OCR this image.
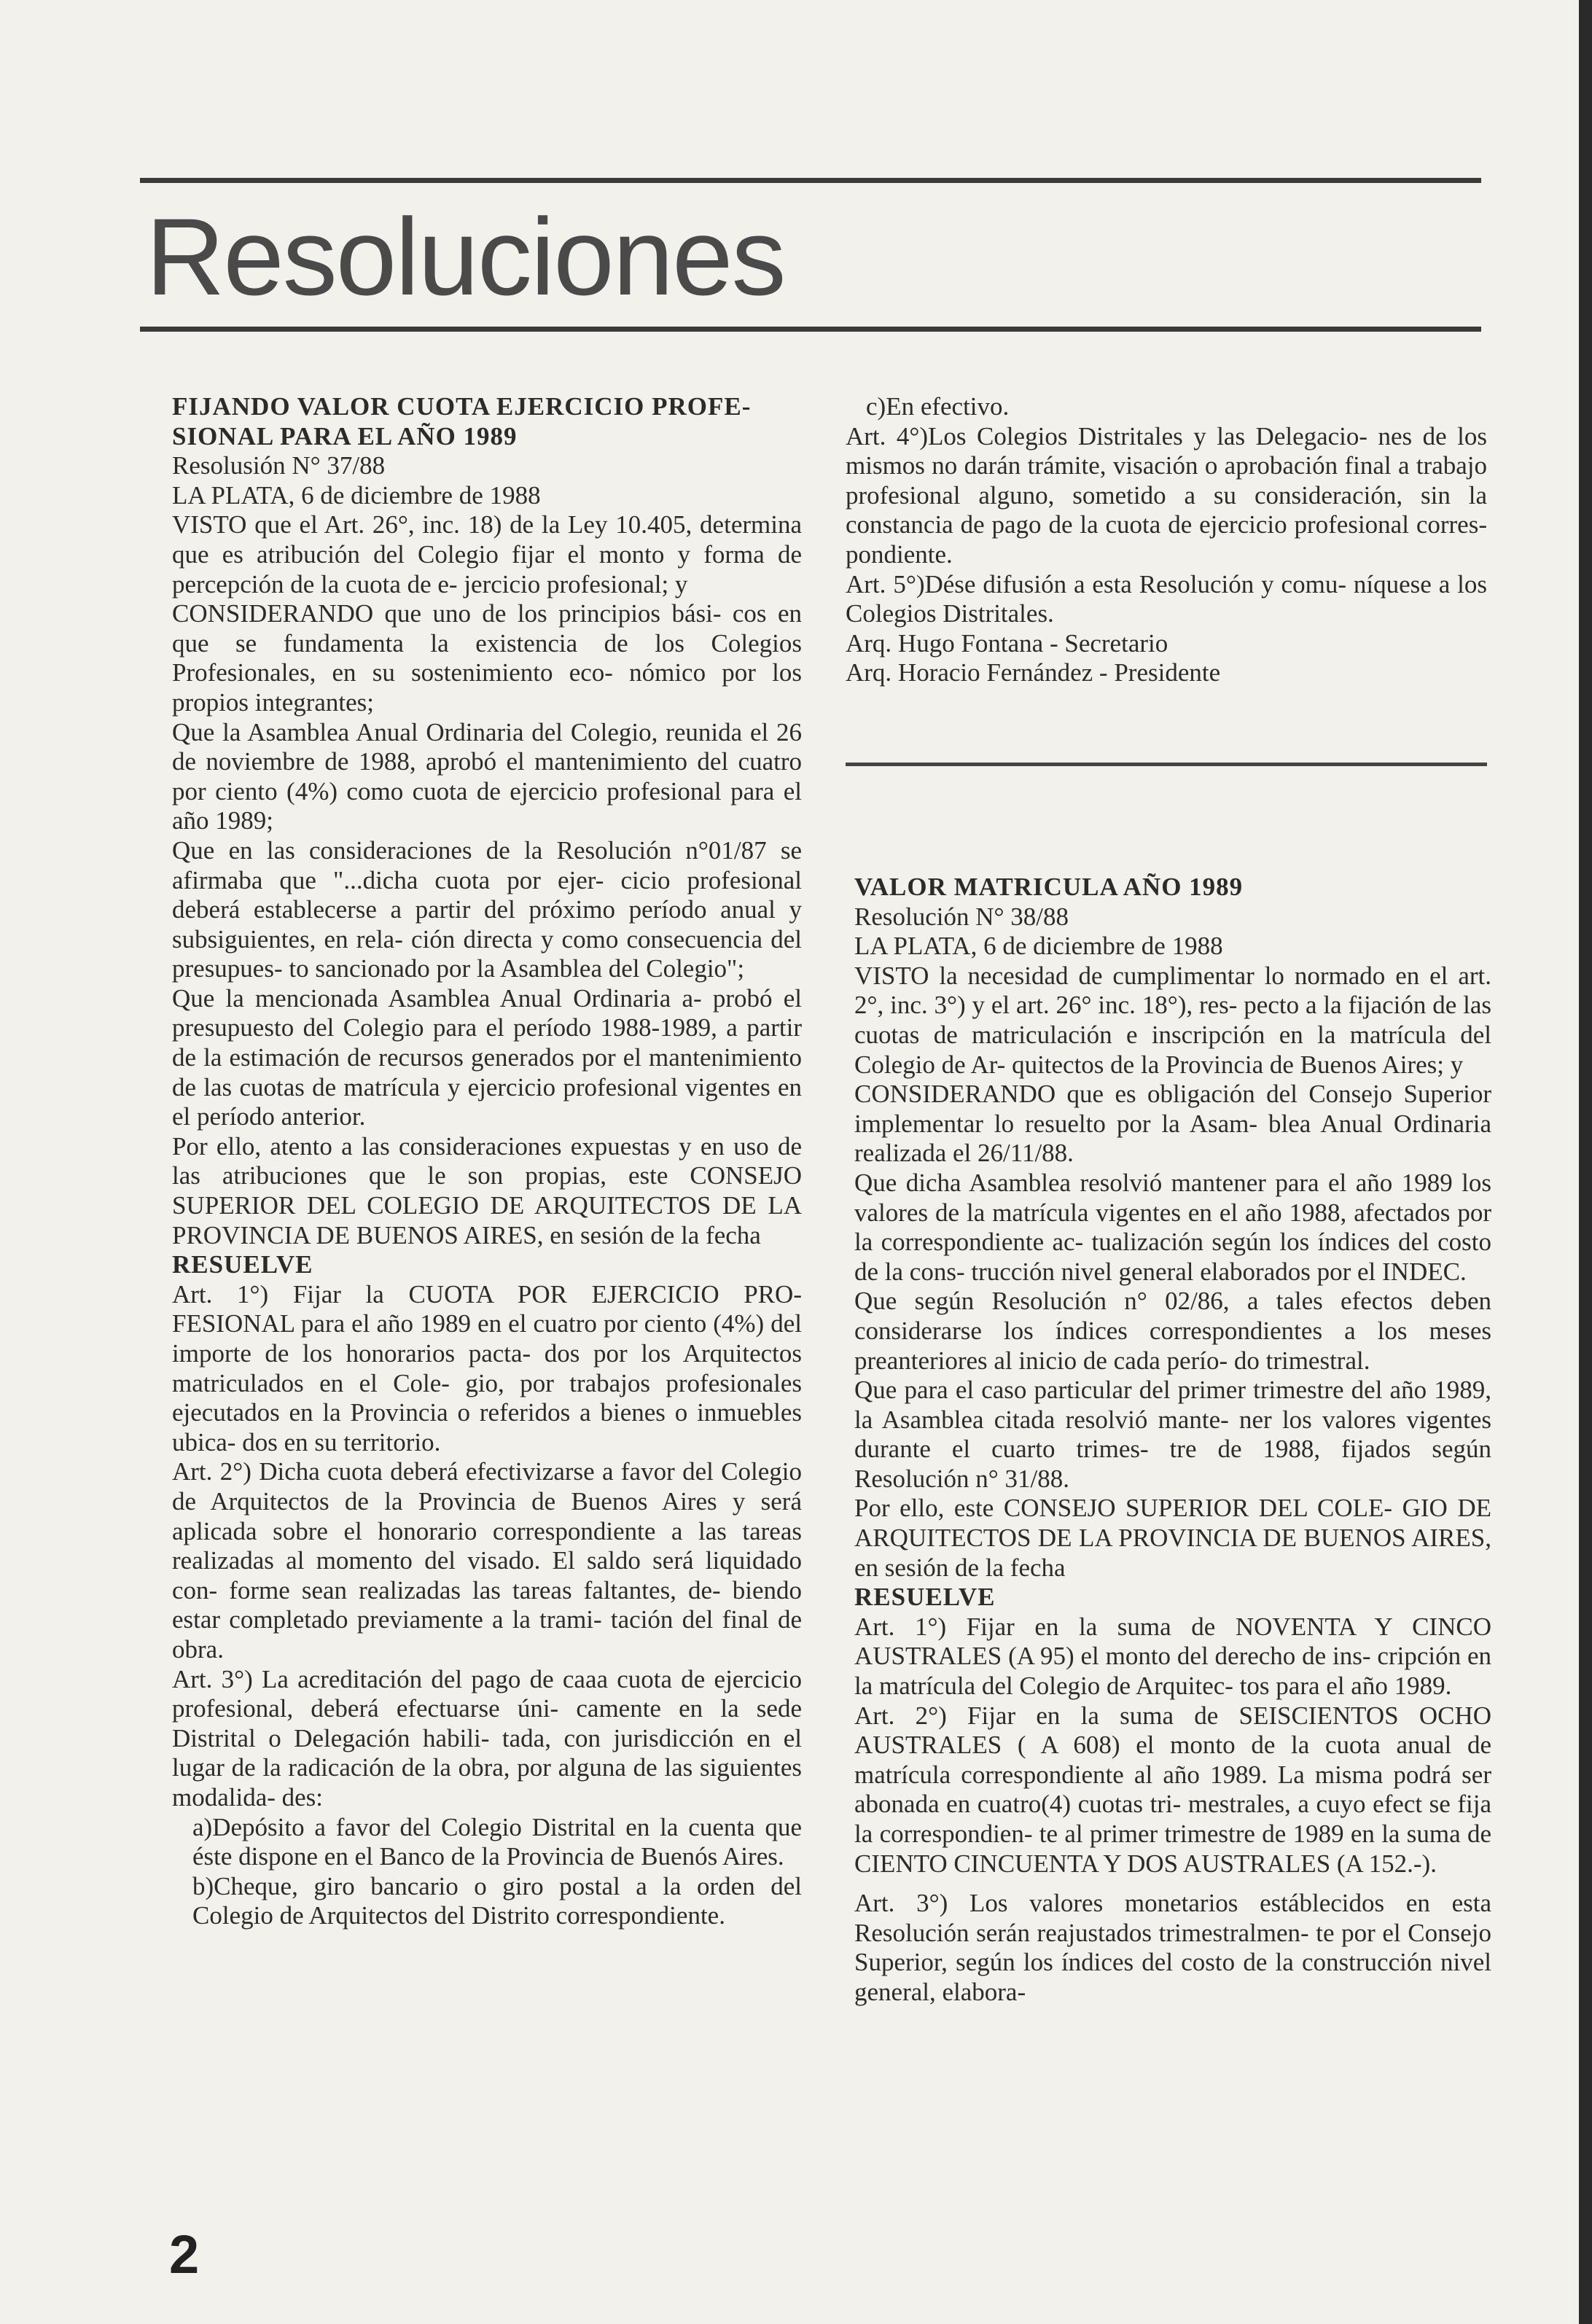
Resoluciones

FIJANDO VALOR CUOTA EJERCICIO PROFE-

SIONAL PARA EL AÑO 1989

Resolusión N° 37/88

LA PLATA, 6 de diciembre de 1988

VISTO que el Art. 26°, inc. 18) de la Ley 10.405, determina que es atribución del Colegio fijar el monto y forma de percepción de la cuota de e- jercicio profesional; y

CONSIDERANDO que uno de los principios bási- cos en que se fundamenta la existencia de los Colegios Profesionales, en su sostenimiento eco- nómico por los propios integrantes;

Que la Asamblea Anual Ordinaria del Colegio, reunida el 26 de noviembre de 1988, aprobó el mantenimiento del cuatro por ciento (4%) como cuota de ejercicio profesional para el año 1989;

Que en las consideraciones de la Resolución n°01/87 se afirmaba que "...dicha cuota por ejer- cicio profesional deberá establecerse a partir del próximo período anual y subsiguientes, en rela- ción directa y como consecuencia del presupues- to sancionado por la Asamblea del Colegio";

Que la mencionada Asamblea Anual Ordinaria a- probó el presupuesto del Colegio para el período 1988-1989, a partir de la estimación de recursos generados por el mantenimiento de las cuotas de matrícula y ejercicio profesional vigentes en el período anterior.

Por ello, atento a las consideraciones expuestas y en uso de las atribuciones que le son propias, este CONSEJO SUPERIOR DEL COLEGIO DE ARQUITECTOS DE LA PROVINCIA DE BUENOS AIRES, en sesión de la fecha

RESUELVE

Art. 1°) Fijar la CUOTA POR EJERCICIO PRO- FESIONAL para el año 1989 en el cuatro por ciento (4%) del importe de los honorarios pacta- dos por los Arquitectos matriculados en el Cole- gio, por trabajos profesionales ejecutados en la Provincia o referidos a bienes o inmuebles ubica- dos en su territorio.

Art. 2°) Dicha cuota deberá efectivizarse a favor del Colegio de Arquitectos de la Provincia de Buenos Aires y será aplicada sobre el honorario correspondiente a las tareas realizadas al momento del visado. El saldo será liquidado con- forme sean realizadas las tareas faltantes, de- biendo estar completado previamente a la trami- tación del final de obra.

Art. 3°) La acreditación del pago de caaa cuota de ejercicio profesional, deberá efectuarse úni- camente en la sede Distrital o Delegación habili- tada, con jurisdicción en el lugar de la radicación de la obra, por alguna de las siguientes modalida- des:

a)Depósito a favor del Colegio Distrital en la cuenta que éste dispone en el Banco de la Provincia de Buenós Aires.

b)Cheque, giro bancario o giro postal a la orden del Colegio de Arquitectos del Distrito correspondiente.

c)En efectivo.

Art. 4°)Los Colegios Distritales y las Delegacio- nes de los mismos no darán trámite, visación o aprobación final a trabajo profesional alguno, sometido a su consideración, sin la constancia de pago de la cuota de ejercicio profesional corres- pondiente.

Art. 5°)Dése difusión a esta Resolución y comu- níquese a los Colegios Distritales.

Arq. Hugo Fontana - Secretario

Arq. Horacio Fernández - Presidente

VALOR MATRICULA AÑO 1989

Resolución N° 38/88

LA PLATA, 6 de diciembre de 1988

VISTO la necesidad de cumplimentar lo normado en el art. 2°, inc. 3°) y el art. 26° inc. 18°), res- pecto a la fijación de las cuotas de matriculación e inscripción en la matrícula del Colegio de Ar- quitectos de la Provincia de Buenos Aires; y

CONSIDERANDO que es obligación del Consejo Superior implementar lo resuelto por la Asam- blea Anual Ordinaria realizada el 26/11/88.

Que dicha Asamblea resolvió mantener para el año 1989 los valores de la matrícula vigentes en el año 1988, afectados por la correspondiente ac- tualización según los índices del costo de la cons- trucción nivel general elaborados por el INDEC.

Que según Resolución n° 02/86, a tales efectos deben considerarse los índices correspondientes a los meses preanteriores al inicio de cada perío- do trimestral.

Que para el caso particular del primer trimestre del año 1989, la Asamblea citada resolvió mante- ner los valores vigentes durante el cuarto trimes- tre de 1988, fijados según Resolución n° 31/88.

Por ello, este CONSEJO SUPERIOR DEL COLE- GIO DE ARQUITECTOS DE LA PROVINCIA DE BUENOS AIRES, en sesión de la fecha

RESUELVE

Art. 1°) Fijar en la suma de NOVENTA Y CINCO AUSTRALES (A 95) el monto del derecho de ins- cripción en la matrícula del Colegio de Arquitec- tos para el año 1989.

Art. 2°) Fijar en la suma de SEISCIENTOS OCHO AUSTRALES ( A 608) el monto de la cuota anual de matrícula correspondiente al año 1989. La misma podrá ser abonada en cuatro(4) cuotas tri- mestrales, a cuyo efect se fija la correspondien- te al primer trimestre de 1989 en la suma de CIENTO CINCUENTA Y DOS AUSTRALES (A 152.-).

Art. 3°) Los valores monetarios estáblecidos en esta Resolución serán reajustados trimestralmen- te por el Consejo Superior, según los índices del costo de la construcción nivel general, elabora-

2
